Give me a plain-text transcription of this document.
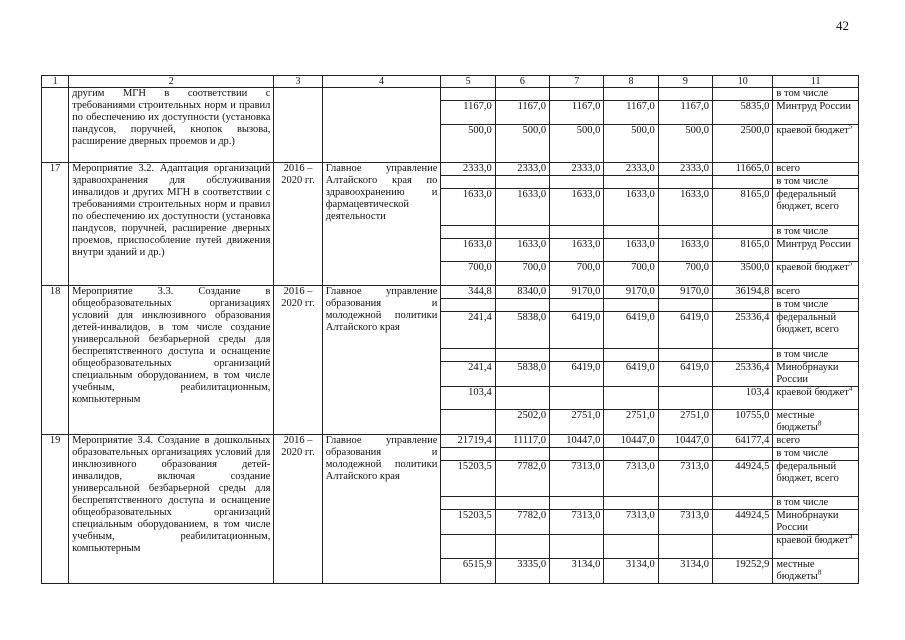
42
1	2	3	4	5	6	7	8	9	10	11
	другим МГН в соответствии с требованиями строительных норм и правил по обеспечению их доступности (установка пандусов, поручней, кнопок вызова, расширение дверных проемов и др.)									в том числе
				1167,0	1167,0	1167,0	1167,0	1167,0	5835,0	Минтруд России
				500,0	500,0	500,0	500,0	500,0	2500,0	краевой бюджет$^5$
17	Мероприятие 3.2. Адаптация организаций здравоохранения для обслуживания инвалидов и других МГН в соответствии с требованиями строительных норм и правил по обеспечению их доступности (установка пандусов, поручней, расширение дверных проемов, приспособление путей движения внутри зданий и др.)	2016 – 2020 гг.	Главное управление Алтайского края по здравоохранению и фармацевтической деятельности	2333,0	2333,0	2333,0	2333,0	2333,0	11665,0	всего
										в том числе
				1633,0	1633,0	1633,0	1633,0	1633,0	8165,0	федеральный бюджет, всего
										в том числе
				1633,0	1633,0	1633,0	1633,0	1633,0	8165,0	Минтруд России
				700,0	700,0	700,0	700,0	700,0	3500,0	краевой бюджет$^5$
18	Мероприятие 3.3. Создание в общеобразовательных организациях условий для инклюзивного образования детей-инвалидов, в том числе создание универсальной безбарьерной среды для беспрепятственного доступа и оснащение общеобразовательных организаций специальным оборудованием, в том числе учебным, реабилитационным, компьютерным	2016 – 2020 гг.	Главное управление образования и молодежной политики Алтайского края	344,8	8340,0	9170,0	9170,0	9170,0	36194,8	всего
										в том числе
				241,4	5838,0	6419,0	6419,0	6419,0	25336,4	федеральный бюджет, всего
										в том числе
				241,4	5838,0	6419,0	6419,0	6419,0	25336,4	Минобрнауки России
				103,4					103,4	краевой бюджет$^4$
					2502,0	2751,0	2751,0	2751,0	10755,0	местные бюджеты$^8$
19	Мероприятие 3.4. Создание в дошкольных образовательных организациях условий для инклюзивного образования детей-инвалидов, включая создание универсальной безбарьерной среды для беспрепятственного доступа и оснащение общеобразовательных организаций специальным оборудованием, в том числе учебным, реабилитационным, компьютерным	2016 – 2020 гг.	Главное управление образования и молодежной политики Алтайского края	21719,4	11117,0	10447,0	10447,0	10447,0	64177,4	всего
										в том числе
				15203,5	7782,0	7313,0	7313,0	7313,0	44924,5	федеральный бюджет, всего
										в том числе
				15203,5	7782,0	7313,0	7313,0	7313,0	44924,5	Минобрнауки России
										краевой бюджет$^4$
				6515,9	3335,0	3134,0	3134,0	3134,0	19252,9	местные бюджеты$^8$
